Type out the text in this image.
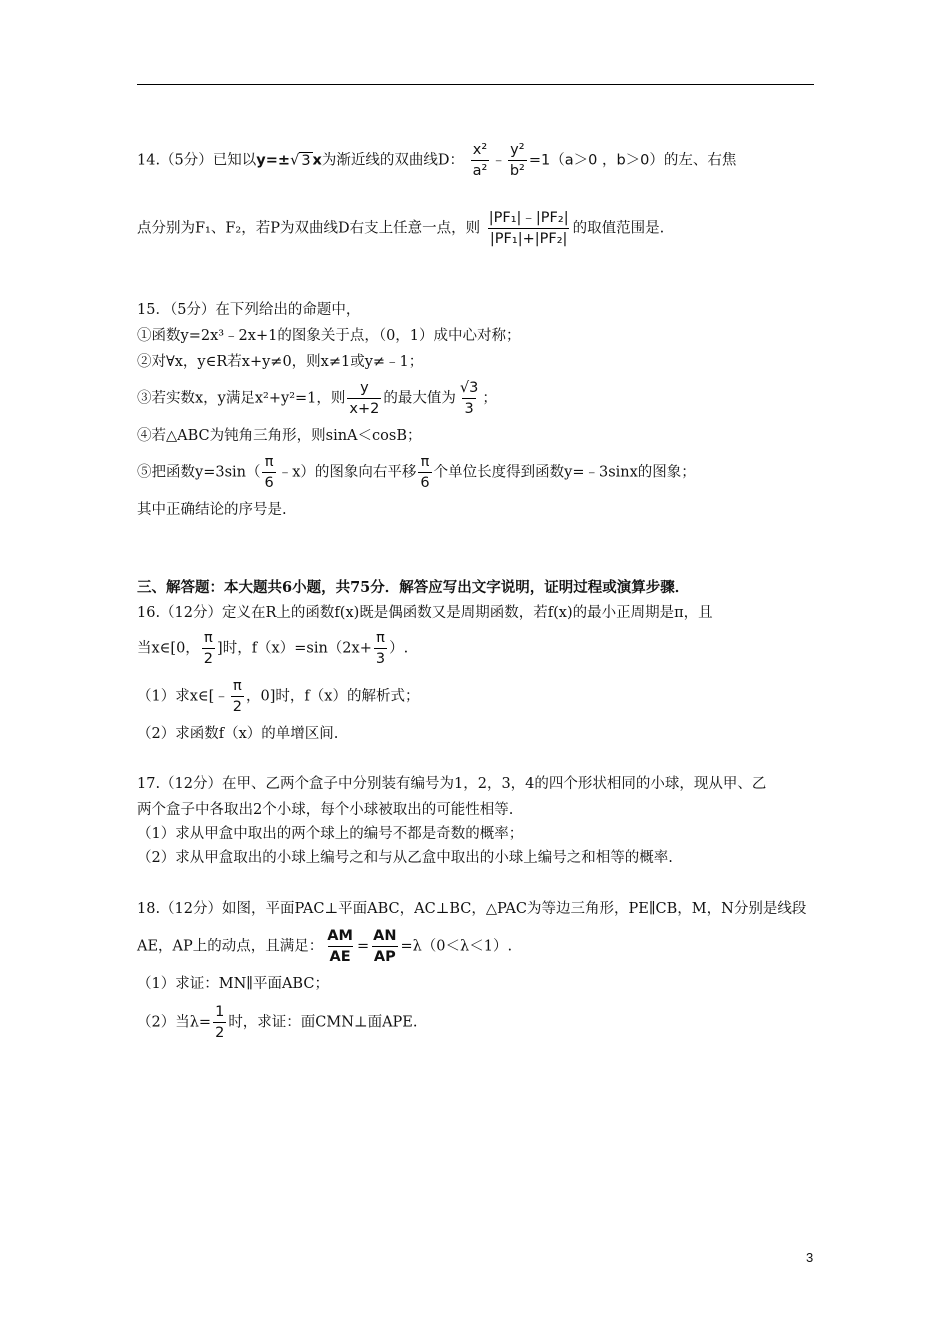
14.（5分）已知以y=±√ 3 x为渐近线的双曲线D： $\frac{\text{x²}}{\text{a²}}$ ﹣ $\frac{\text{y²}}{\text{b²}} =1(a>0$ ，b＞0）的左、右焦
点分别为F₁、F₂，若P为双曲线D右支上任意一点，则 $\frac{\text{|PF₁|﹣|PF₂|}}{\text{|PF₁|+|PF₂|}}$ 的取值范围是.
15．（5分）在下列给出的命题中，
①函数y=2x³﹣2x+1的图象关于点，（0，1）成中心对称；
②对∀x，y∈R若x+y≠0，则x≠1或y≠﹣1；
③若实数x，y满足x²+y²=1，则 $\frac{y}{x+2}$ 的最大值为 $\frac{√3}{3}$ ；
④若△ABC为钝角三角形，则sinA＜cosB；
⑤把函数$y=3\sin( \frac{\pi}{6}$ ﹣x）的图象向右平移 $\frac{\pi}{6}$ 个单位长度得到函数y=﹣3sinx的图象；
其中正确结论的序号是.
三、解答题：本大题共6小题，共75分．解答应写出文字说明，证明过程或演算步骤．
16.（12分）定义在R上的函数f(x)既是偶函数又是周期函数，若f(x)的最小正周期是π，且
当x∈[0， $\frac{\pi}{2}$ ]时，$f(x)=\sin(2x+ \frac{\pi}{3}$ ）.
（1）求x∈[﹣ $\frac{\pi}{2}$ ，0]时，f（x）的解析式；
（2）求函数f（x）的单增区间.
17.（12分）在甲、乙两个盒子中分别装有编号为1，2，3，4的四个形状相同的小球，现从甲、乙
两个盒子中各取出2个小球，每个小球被取出的可能性相等.
（1）求从甲盒中取出的两个球上的编号不都是奇数的概率；
（2）求从甲盒取出的小球上编号之和与从乙盒中取出的小球上编号之和相等的概率.
18.（12分）如图，平面PAC⊥平面ABC，AC⊥BC，△PAC为等边三角形，PE∥CB，M，N分别是线段
AE，AP上的动点，且满足： $\frac{AM}{AE} = \frac{AN}{AP} =\lambda(0<\lambda<1)$.
（1）求证：MN∥平面ABC；
（2）当$\lambda= \frac{1}{2}$ 时，求证：面CMN⊥面APE.
3
